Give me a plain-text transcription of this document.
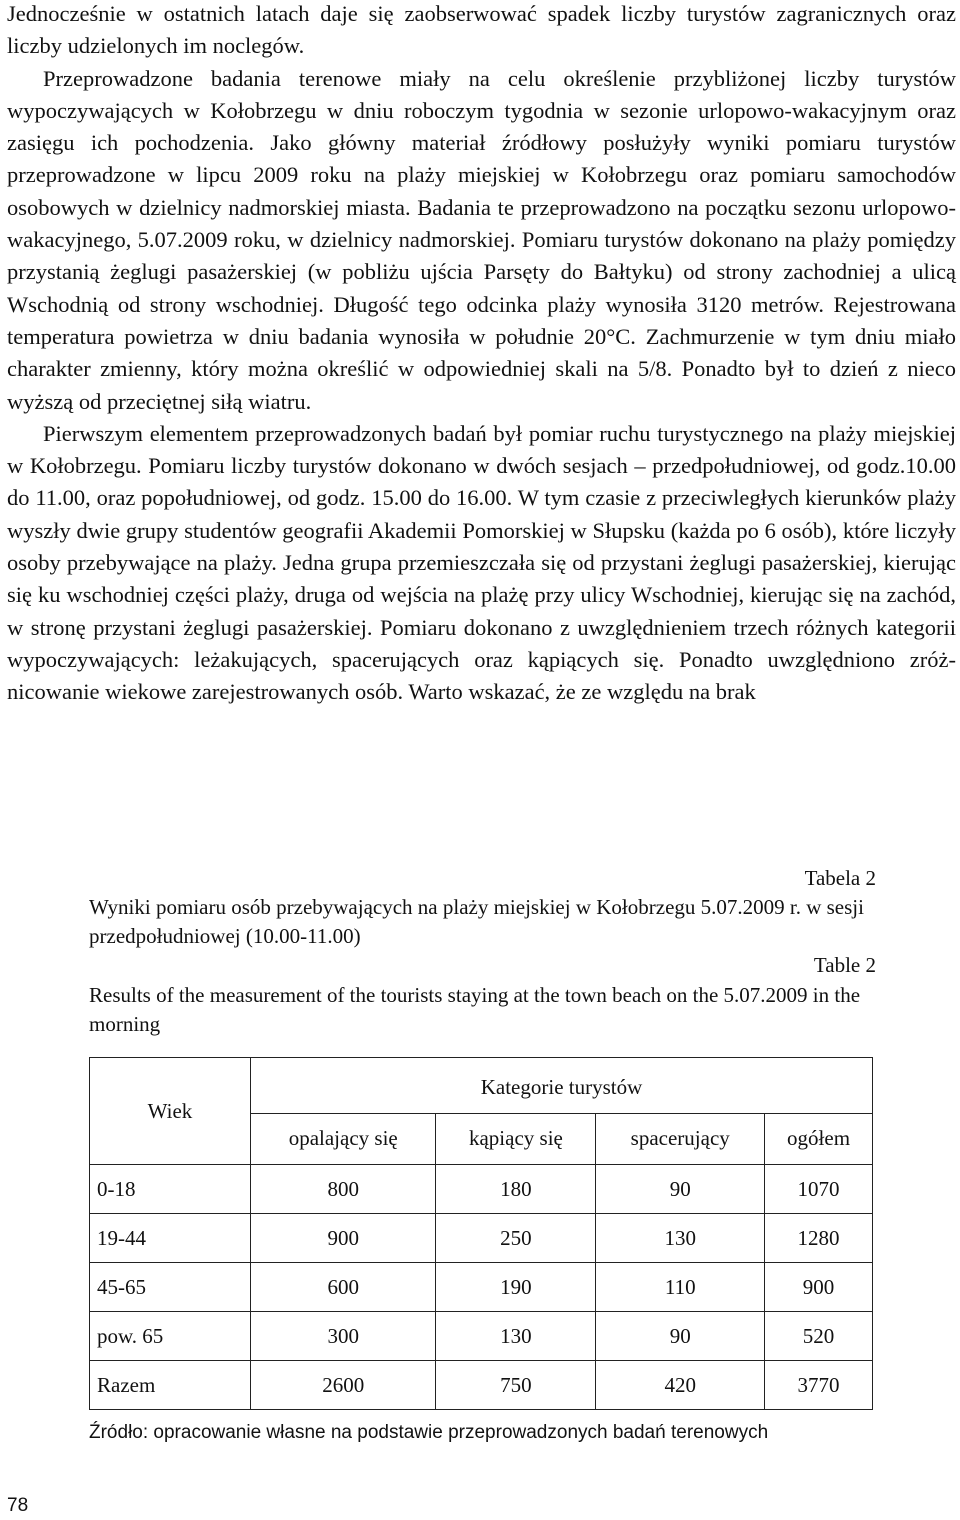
Jednocześnie w ostatnich latach daje się zaobserwować spadek liczby turystów zagranicznych oraz liczby udzielonych im noclegów.

Przeprowadzone badania terenowe miały na celu określenie przybliżonej liczby turystów wypoczywających w Kołobrzegu w dniu roboczym tygodnia w sezonie urlopowo-wakacyjnym oraz zasięgu ich pochodzenia. Jako główny materiał źródłowy posłużyły wyniki pomiaru turystów przeprowadzone w lipcu 2009 roku na plaży miejskiej w Kołobrzegu oraz pomiaru samochodów osobowych w dzielnicy nadmorskiej miasta. Badania te przeprowadzono na początku sezonu urlopowo-wakacyjnego, 5.07.2009 roku, w dzielnicy nadmorskiej. Pomiaru turystów dokonano na plaży pomiędzy przystanią żeglugi pasażerskiej (w pobliżu ujścia Parsęty do Bałtyku) od strony zachodniej a ulicą Wschodnią od strony wschodniej. Długość tego odcinka plaży wynosiła 3120 metrów. Rejestrowana temperatura powietrza w dniu badania wynosiła w południe 20°C. Zachmurzenie w tym dniu miało charakter zmienny, który można określić w odpowiedniej skali na 5/8. Ponadto był to dzień z nieco wyższą od przeciętnej siłą wiatru.

Pierwszym elementem przeprowadzonych badań był pomiar ruchu turystycznego na plaży miejskiej w Kołobrzegu. Pomiaru liczby turystów dokonano w dwóch sesjach – przedpołudniowej, od godz.10.00 do 11.00, oraz popołudniowej, od godz. 15.00 do 16.00. W tym czasie z przeciwległych kierunków plaży wyszły dwie grupy studentów geografii Akademii Pomorskiej w Słupsku (każda po 6 osób), które liczyły osoby przebywające na plaży. Jedna grupa przemieszczała się od przystani żeglugi pasażerskiej, kierując się ku wschodniej części plaży, druga od wejścia na plażę przy ulicy Wschodniej, kierując się na zachód, w stronę przystani żeglugi pasażerskiej. Pomiaru dokonano z uwzględnieniem trzech różnych kategorii wypoczywających: leżakujących, spacerujących oraz kąpiących się. Ponadto uwzględniono zróżnicowanie wiekowe zarejestrowanych osób. Warto wskazać, że ze względu na brak

Tabela 2
Wyniki pomiaru osób przebywających na plaży miejskiej w Kołobrzegu 5.07.2009 r. w sesji przedpołudniowej (10.00-11.00)
Table 2
Results of the measurement of the tourists staying at the town beach on the 5.07.2009 in the morning
Wiek	Kategorie turystów			
	opalający się	kąpiący się	spacerujący	ogółem
0-18	800	180	90	1070
19-44	900	250	130	1280
45-65	600	190	110	900
pow. 65	300	130	90	520
Razem	2600	750	420	3770
Źródło: opracowanie własne na podstawie przeprowadzonych badań terenowych
78
